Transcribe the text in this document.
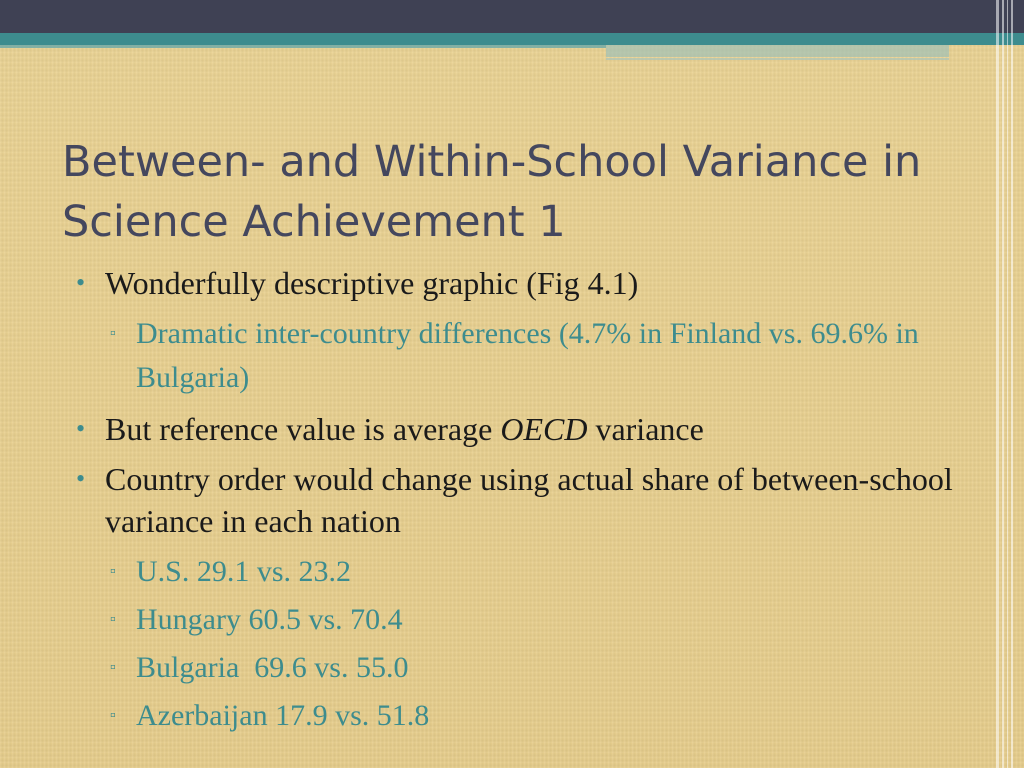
Between- and Within-School Variance in Science Achievement 1
• Wonderfully descriptive graphic (Fig 4.1)
▫ Dramatic inter-country differences (4.7% in Finland vs. 69.6% in Bulgaria)
• But reference value is average OECD variance
• Country order would change using actual share of between-school variance in each nation
▫ U.S. 29.1 vs. 23.2
▫ Hungary 60.5 vs. 70.4
▫ Bulgaria  69.6 vs. 55.0
▫ Azerbaijan 17.9 vs. 51.8
